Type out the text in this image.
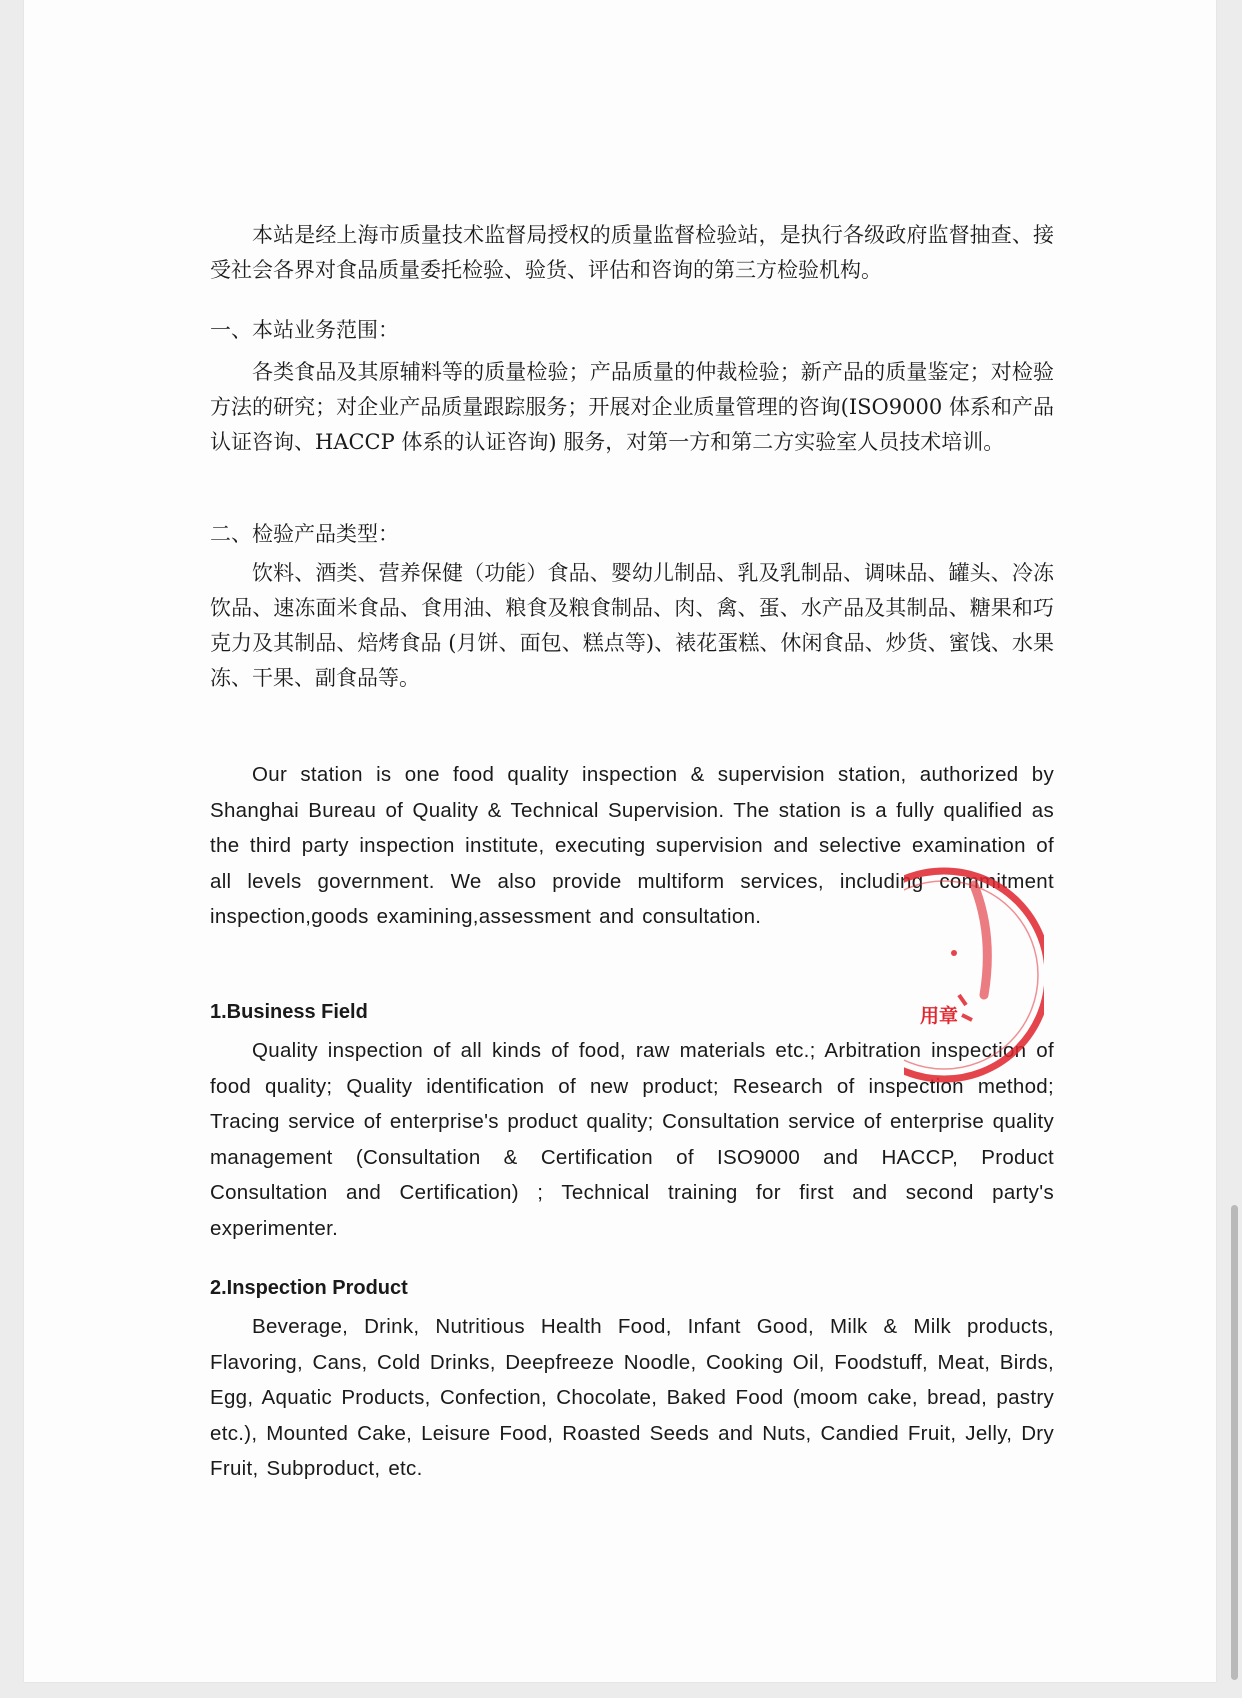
本站是经上海市质量技术监督局授权的质量监督检验站，是执行各级政府监督抽查、接受社会各界对食品质量委托检验、验货、评估和咨询的第三方检验机构。

一、本站业务范围：

各类食品及其原辅料等的质量检验；产品质量的仲裁检验；新产品的质量鉴定；对检验方法的研究；对企业产品质量跟踪服务；开展对企业质量管理的咨询(ISO9000 体系和产品认证咨询、HACCP 体系的认证咨询) 服务，对第一方和第二方实验室人员技术培训。

二、检验产品类型：

饮料、酒类、营养保健（功能）食品、婴幼儿制品、乳及乳制品、调味品、罐头、冷冻饮品、速冻面米食品、食用油、粮食及粮食制品、肉、禽、蛋、水产品及其制品、糖果和巧克力及其制品、焙烤食品 (月饼、面包、糕点等)、裱花蛋糕、休闲食品、炒货、蜜饯、水果冻、干果、副食品等。

Our station is one food quality inspection & supervision station, authorized by Shanghai Bureau of Quality & Technical Supervision. The station is a fully qualified as the third party inspection institute, executing supervision and selective examination of all levels government. We also provide multiform services, including commitment inspection,goods examining,assessment and consultation.

1.Business Field

Quality inspection of all kinds of food, raw materials etc.; Arbitration inspection of food quality; Quality identification of new product; Research of inspection method; Tracing service of enterprise's product quality; Consultation service of enterprise quality management (Consultation & Certification of ISO9000 and HACCP, Product Consultation and Certification) ; Technical training for first and second party's experimenter.

2.Inspection Product

Beverage, Drink, Nutritious Health Food, Infant Good, Milk & Milk products, Flavoring, Cans, Cold Drinks, Deepfreeze Noodle, Cooking Oil, Foodstuff, Meat, Birds, Egg, Aquatic Products, Confection, Chocolate, Baked Food (moom cake, bread, pastry etc.), Mounted Cake, Leisure Food, Roasted Seeds and Nuts, Candied Fruit, Jelly, Dry Fruit, Subproduct, etc.

用章
